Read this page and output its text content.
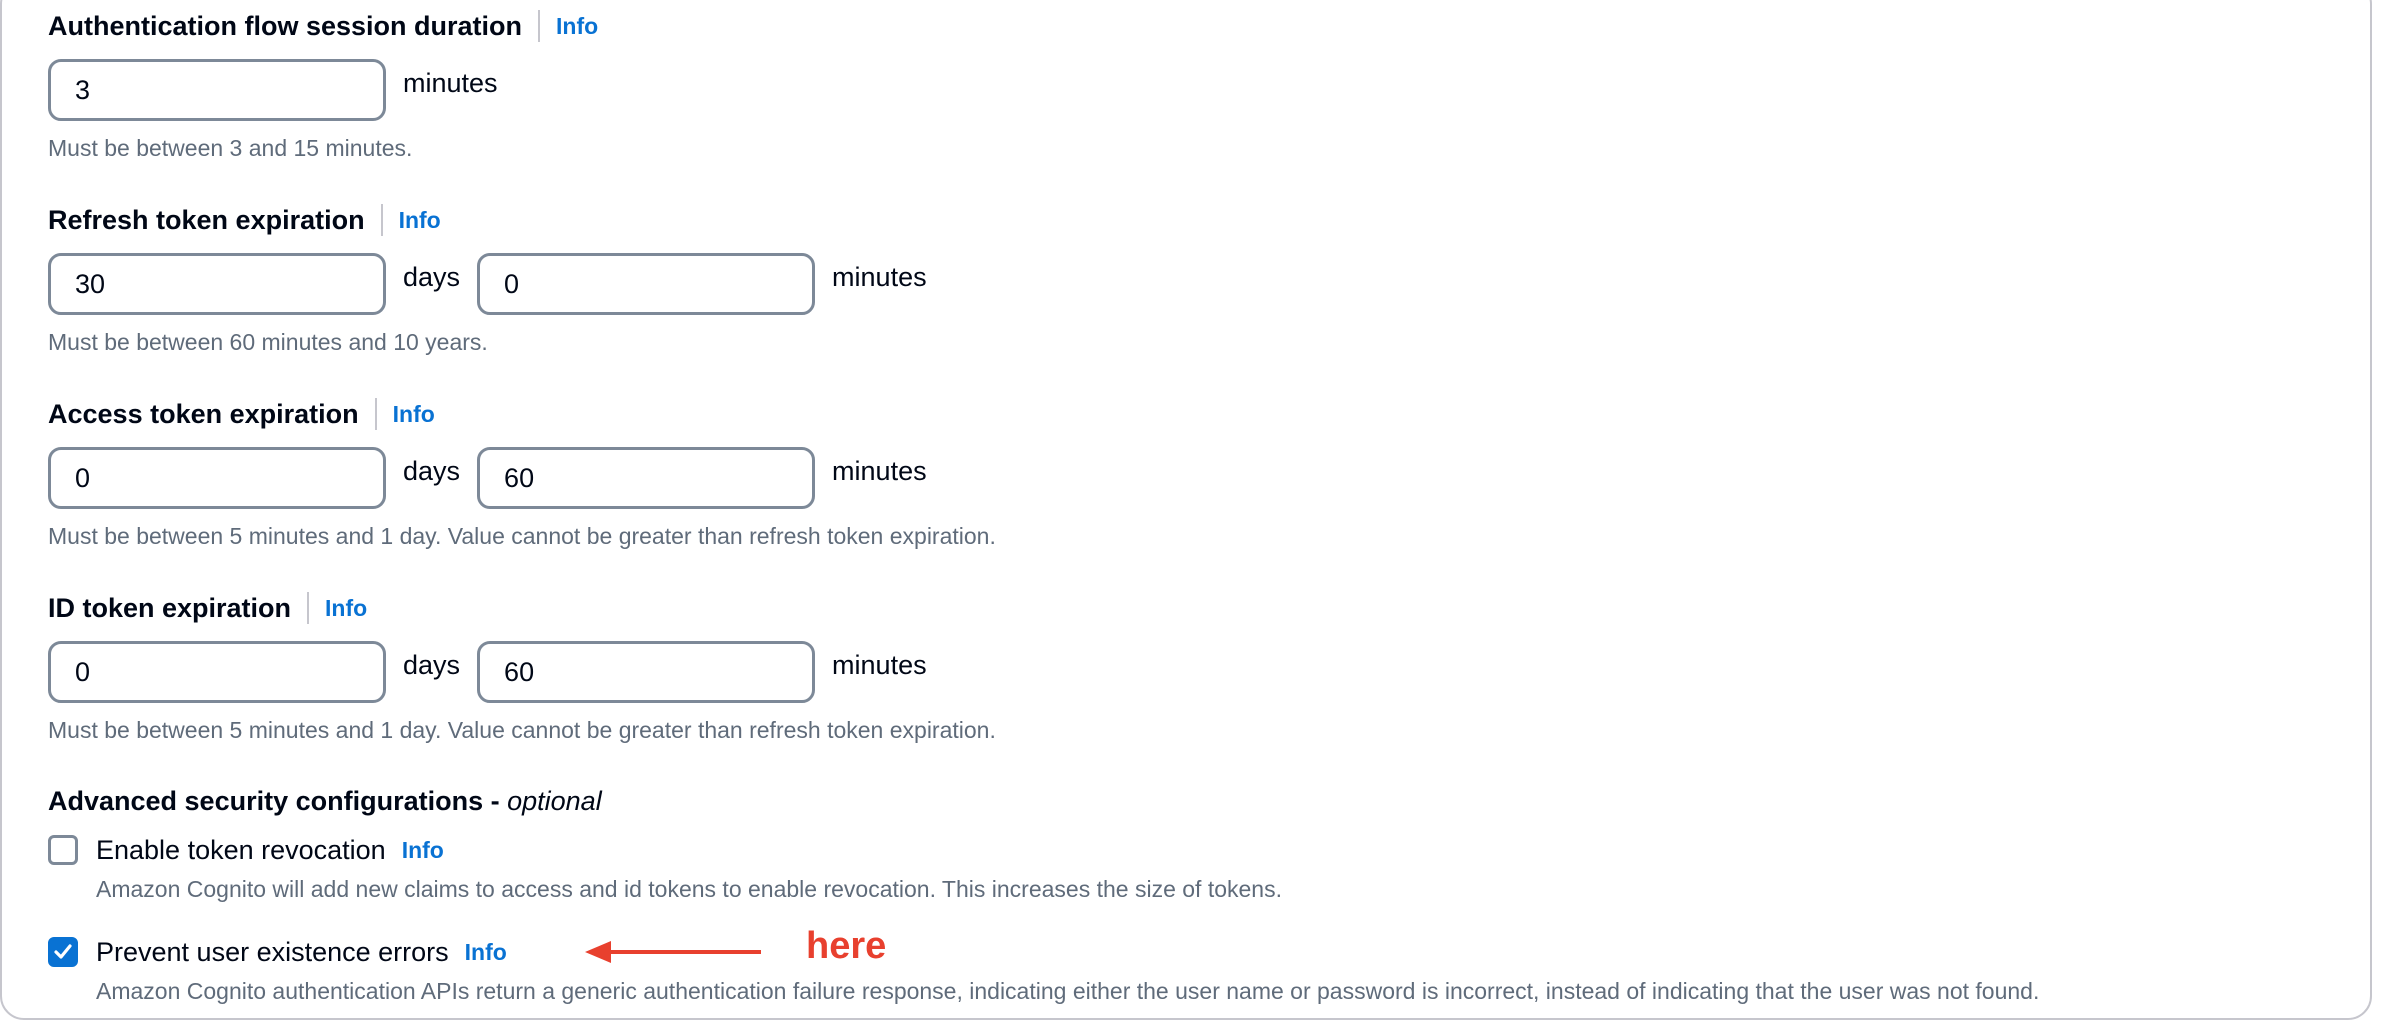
Authentication flow session duration Info
3
minutes
Must be between 3 and 15 minutes.
Refresh token expiration Info
30
days
0	minutes
Must be between 60 minutes and 10 years.
Access token expiration Info
0
days
60	minutes
Must be between 5 minutes and 1 day. Value cannot be greater than refresh token expiration.
ID token expiration Info
0
days
60	minutes
Must be between 5 minutes and 1 day. Value cannot be greater than refresh token expiration.
Advanced security configurations - optional
Enable token revocation Info
Amazon Cognito will add new claims to access and id tokens to enable revocation. This increases the size of tokens.
Prevent user existence errors Info
Amazon Cognito authentication APIs return a generic authentication failure response, indicating either the user name or password is incorrect, instead of indicating that the user was not found.
here
